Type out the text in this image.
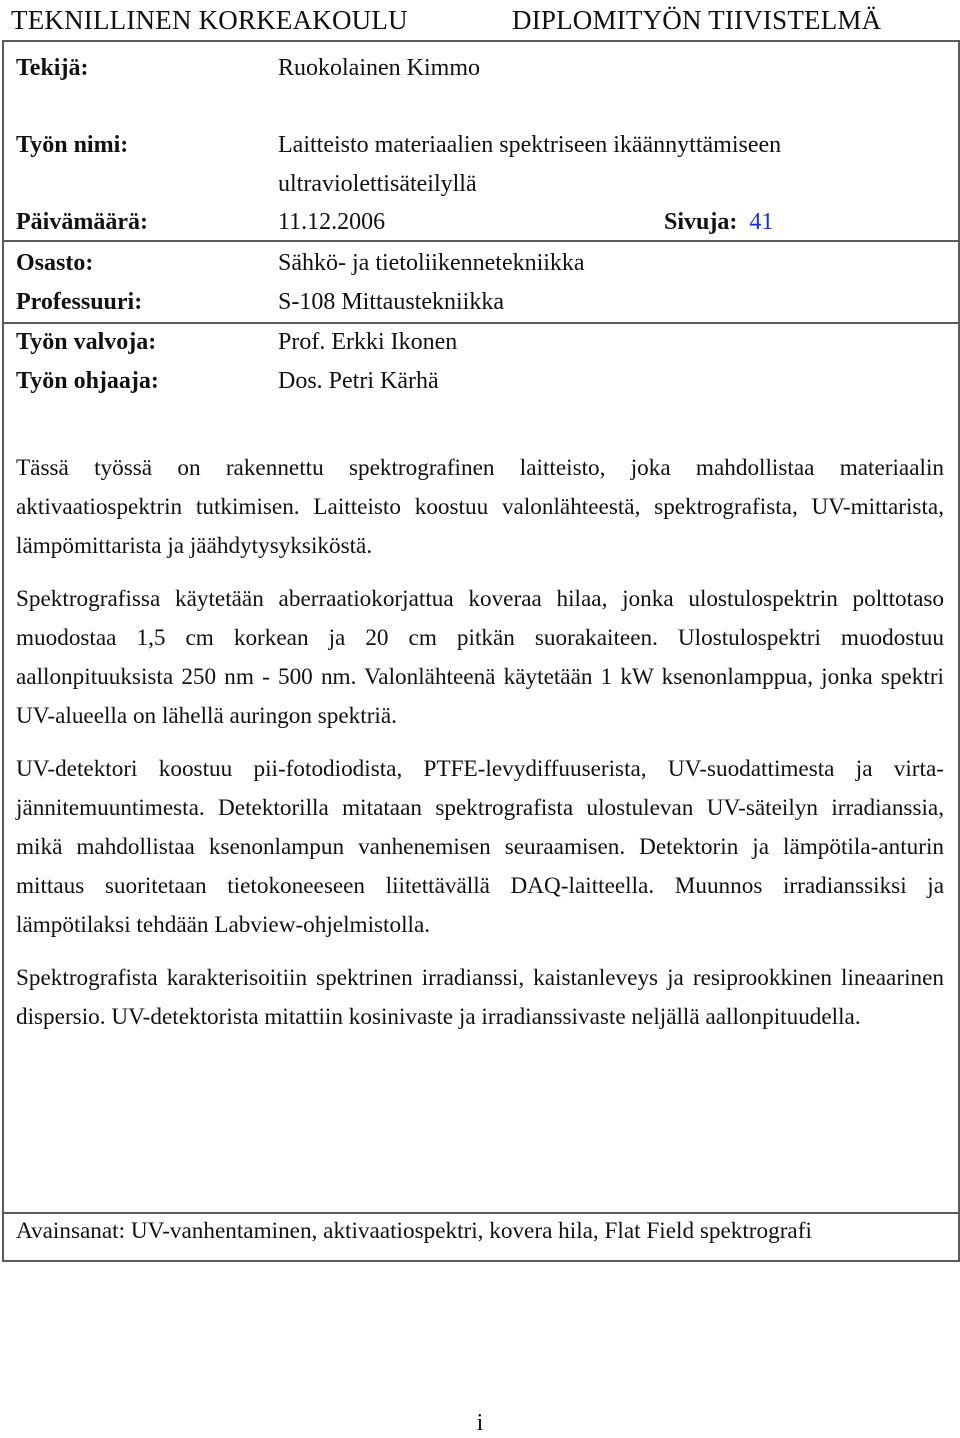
TEKNILLINEN KORKEAKOULU	DIPLOMITYÖN TIIVISTELMÄ
Tekijä:	Ruokolainen Kimmo
Työn nimi:	Laitteisto materiaalien spektriseen ikäännyttämiseen
ultraviolettisäteilyllä
Päivämäärä:	11.12.2006	Sivuja: 41
Osasto:	Sähkö- ja tietoliikennetekniikka
Professuuri:	S-108 Mittaustekniikka
Työn valvoja:	Prof. Erkki Ikonen
Työn ohjaaja:	Dos. Petri Kärhä

Tässä työssä on rakennettu spektrografinen laitteisto, joka mahdollistaa materiaalin aktivaatiospektrin tutkimisen. Laitteisto koostuu valonlähteestä, spektrografista, UV-mittarista, lämpömittarista ja jäähdytysyksiköstä.

Spektrografissa käytetään aberraatiokorjattua koveraa hilaa, jonka ulostulospektrin polttotaso muodostaa 1,5 cm korkean ja 20 cm pitkän suorakaiteen. Ulostulospektri muodostuu aallonpituuksista 250 nm - 500 nm. Valonlähteenä käytetään 1 kW ksenonlamppua, jonka spektri UV-alueella on lähellä auringon spektriä.

UV-detektori koostuu pii-fotodiodista, PTFE-levydiffuuserista, UV-suodattimesta ja virta-jännitemuuntimesta. Detektorilla mitataan spektrografista ulostulevan UV-säteilyn irradianssia, mikä mahdollistaa ksenonlampun vanhenemisen seuraamisen. Detektorin ja lämpötila-anturin mittaus suoritetaan tietokoneeseen liitettävällä DAQ-laitteella. Muunnos irradianssiksi ja lämpötilaksi tehdään Labview-ohjelmistolla.

Spektrografista karakterisoitiin spektrinen irradianssi, kaistanleveys ja resiprookkinen lineaarinen dispersio. UV-detektorista mitattiin kosinivaste ja irradianssivaste neljällä aallonpituudella.

Avainsanat: UV-vanhentaminen, aktivaatiospektri, kovera hila, Flat Field spektrografi
i
